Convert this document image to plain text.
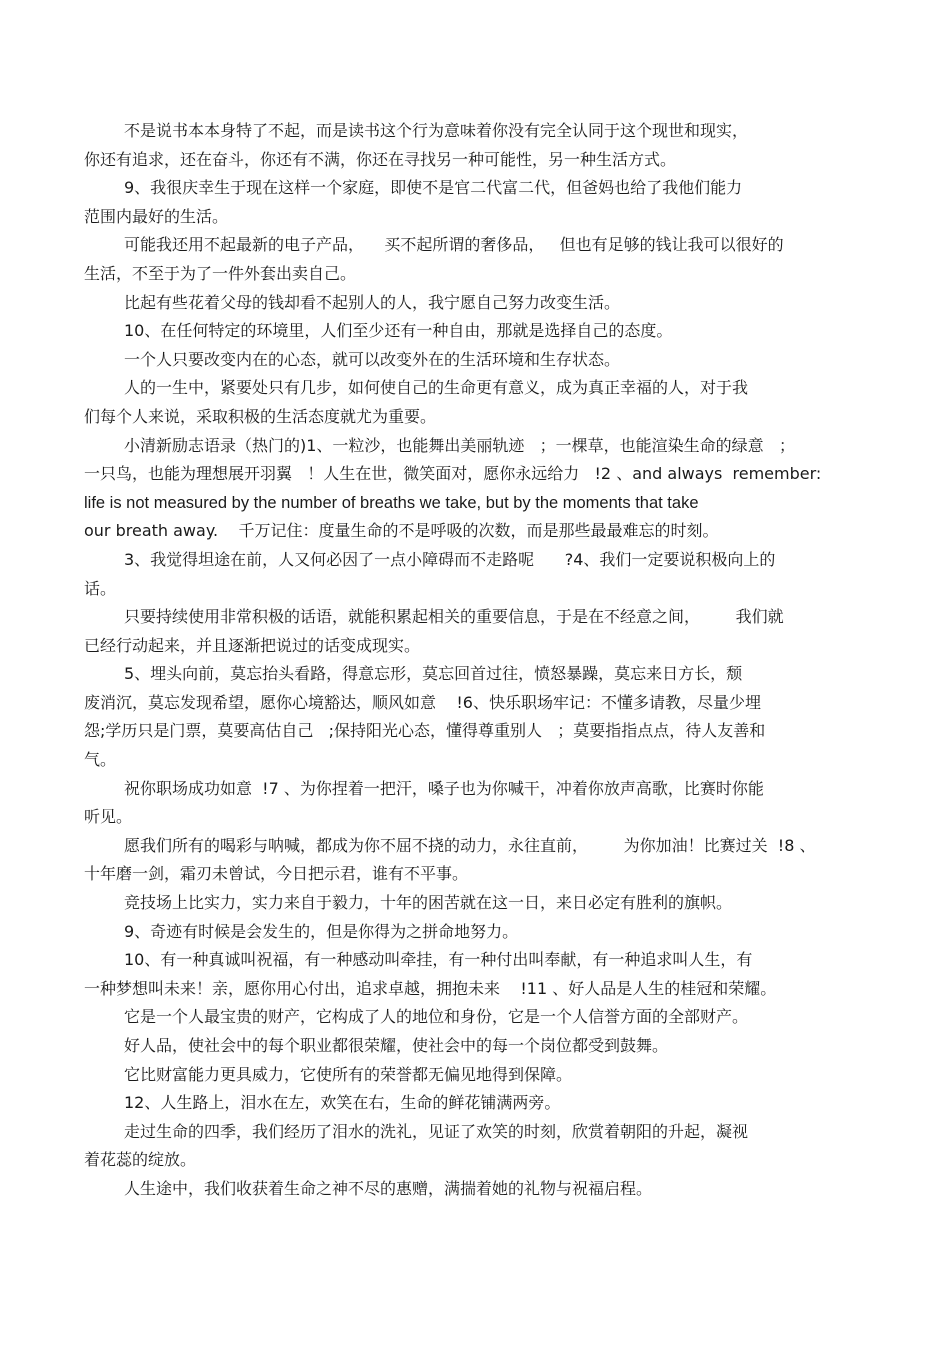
不是说书本本身特了不起，而是读书这个行为意味着你没有完全认同于这个现世和现实，
你还有追求，还在奋斗，你还有不满，你还在寻找另一种可能性，另一种生活方式。
9、我很庆幸生于现在这样一个家庭，即使不是官二代富二代，但爸妈也给了我他们能力
范围内最好的生活。
可能我还用不起最新的电子产品，    买不起所谓的奢侈品，   但也有足够的钱让我可以很好的
生活，不至于为了一件外套出卖自己。
比起有些花着父母的钱却看不起别人的人，我宁愿自己努力改变生活。
10、在任何特定的环境里，人们至少还有一种自由，那就是选择自己的态度。
一个人只要改变内在的心态，就可以改变外在的生活环境和生存状态。
人的一生中，紧要处只有几步，如何使自己的生命更有意义，成为真正幸福的人，对于我
们每个人来说，采取积极的生活态度就尤为重要。
小清新励志语录（热门的)1、一粒沙，也能舞出美丽轨迹   ；一棵草，也能渲染生命的绿意   ；
一只鸟，也能为理想展开羽翼   ！人生在世，微笑面对，愿你永远给力   !2 、and always  remember:
life is not measured by the number of breaths we take, but by the moments that take
our breath away.    千万记住：度量生命的不是呼吸的次数，而是那些最最难忘的时刻。
3、我觉得坦途在前，人又何必因了一点小障碍而不走路呢      ?4、我们一定要说积极向上的
话。
只要持续使用非常积极的话语，就能积累起相关的重要信息，于是在不经意之间，       我们就
已经行动起来，并且逐渐把说过的话变成现实。
5、埋头向前，莫忘抬头看路，得意忘形，莫忘回首过往，愤怒暴躁，莫忘来日方长，颓
废消沉，莫忘发现希望，愿你心境豁达，顺风如意    !6、快乐职场牢记：不懂多请教，尽量少埋
怨;学历只是门票，莫要高估自己   ;保持阳光心态，懂得尊重别人   ；莫要指指点点，待人友善和
气。
祝你职场成功如意  !7 、为你捏着一把汗，嗓子也为你喊干，冲着你放声高歌，比赛时你能
听见。
愿我们所有的喝彩与呐喊，都成为你不屈不挠的动力，永往直前，       为你加油！比赛过关  !8 、
十年磨一剑，霜刃未曾试，今日把示君，谁有不平事。
竞技场上比实力，实力来自于毅力，十年的困苦就在这一日，来日必定有胜利的旗帜。
9、奇迹有时候是会发生的，但是你得为之拼命地努力。
10、有一种真诚叫祝福，有一种感动叫牵挂，有一种付出叫奉献，有一种追求叫人生，有
一种梦想叫未来！亲，愿你用心付出，追求卓越，拥抱未来    !11 、好人品是人生的桂冠和荣耀。
它是一个人最宝贵的财产，它构成了人的地位和身份，它是一个人信誉方面的全部财产。
好人品，使社会中的每个职业都很荣耀，使社会中的每一个岗位都受到鼓舞。
它比财富能力更具威力，它使所有的荣誉都无偏见地得到保障。
12、人生路上，泪水在左，欢笑在右，生命的鲜花铺满两旁。
走过生命的四季，我们经历了泪水的洗礼，见证了欢笑的时刻，欣赏着朝阳的升起，凝视
着花蕊的绽放。
人生途中，我们收获着生命之神不尽的惠赠，满揣着她的礼物与祝福启程。
